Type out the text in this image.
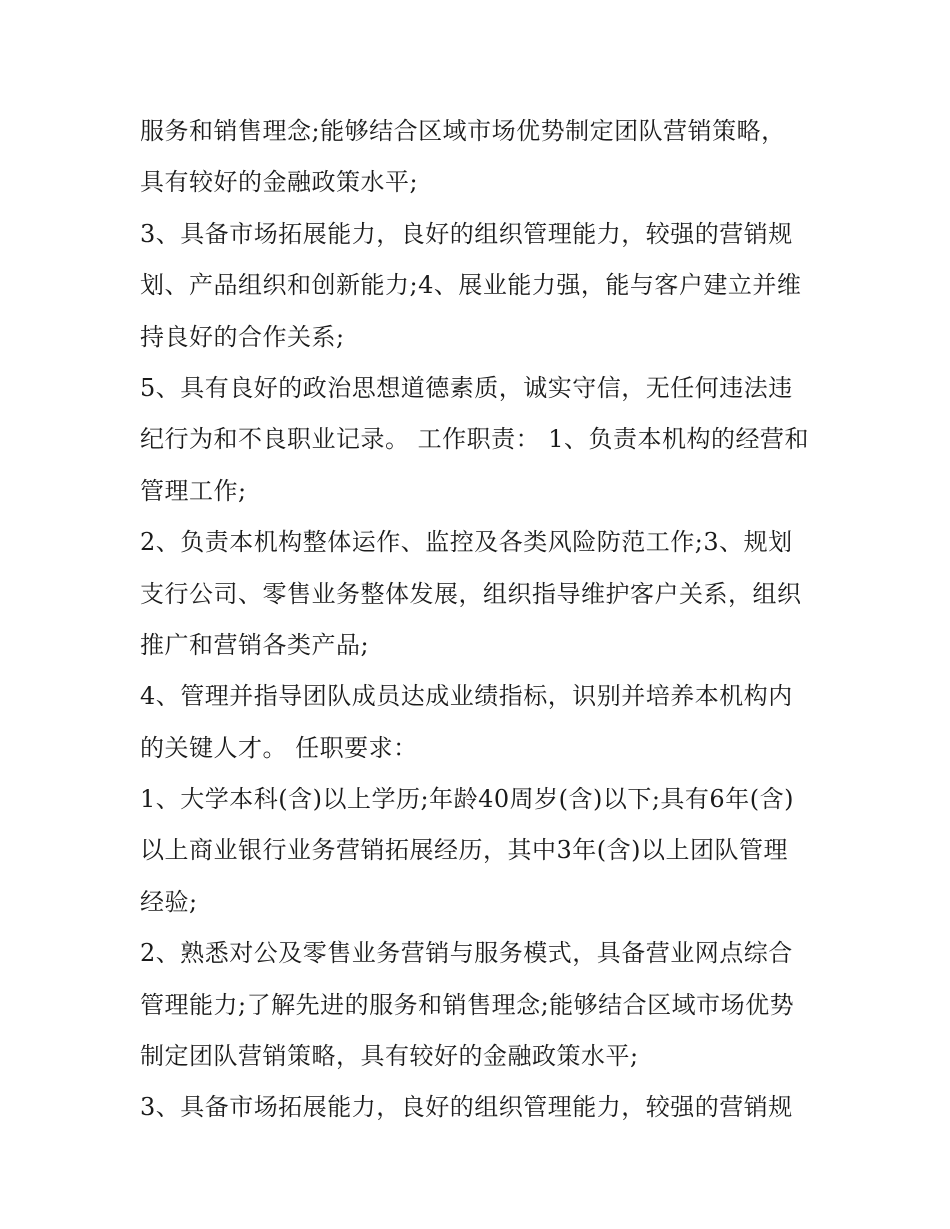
服务和销售理念;能够结合区域市场优势制定团队营销策略，
具有较好的金融政策水平;
3、具备市场拓展能力，良好的组织管理能力，较强的营销规
划、产品组织和创新能力;4、展业能力强，能与客户建立并维
持良好的合作关系;
5、具有良好的政治思想道德素质，诚实守信，无任何违法违
纪行为和不良职业记录。 工作职责： 1、负责本机构的经营和
管理工作;
2、负责本机构整体运作、监控及各类风险防范工作;3、规划
支行公司、零售业务整体发展，组织指导维护客户关系，组织
推广和营销各类产品;
4、管理并指导团队成员达成业绩指标，识别并培养本机构内
的关键人才。 任职要求：
1、大学本科(含)以上学历;年龄40周岁(含)以下;具有6年(含)
以上商业银行业务营销拓展经历，其中3年(含)以上团队管理
经验;
2、熟悉对公及零售业务营销与服务模式，具备营业网点综合
管理能力;了解先进的服务和销售理念;能够结合区域市场优势
制定团队营销策略，具有较好的金融政策水平;
3、具备市场拓展能力，良好的组织管理能力，较强的营销规
